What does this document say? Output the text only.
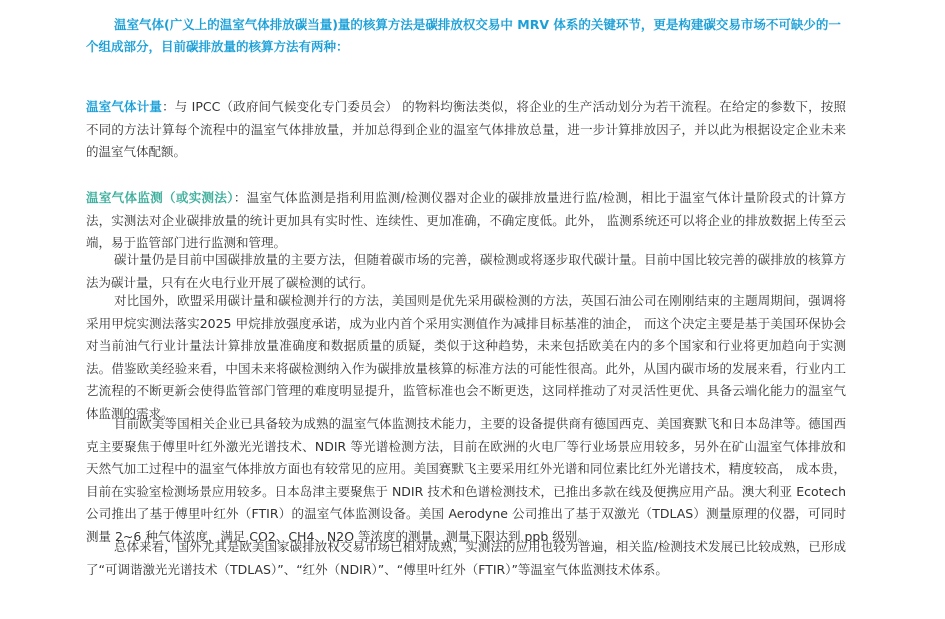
温室气体(广义上的温室气体排放碳当量)量的核算方法是碳排放权交易中 MRV 体系的关键环节，更是构建碳交易市场不可缺少的一个组成部分，目前碳排放量的核算方法有两种：

温室气体计量：与 IPCC（政府间气候变化专门委员会） 的物料均衡法类似，将企业的生产活动划分为若干流程。在给定的参数下，按照不同的方法计算每个流程中的温室气体排放量，并加总得到企业的温室气体排放总量，进一步计算排放因子，并以此为根据设定企业未来的温室气体配额。

温室气体监测（或实测法）：温室气体监测是指利用监测/检测仪器对企业的碳排放量进行监/检测，相比于温室气体计量阶段式的计算方法，实测法对企业碳排放量的统计更加具有实时性、连续性、更加准确，不确定度低。此外， 监测系统还可以将企业的排放数据上传至云端，易于监管部门进行监测和管理。

碳计量仍是目前中国碳排放量的主要方法，但随着碳市场的完善，碳检测或将逐步取代碳计量。目前中国比较完善的碳排放的核算方法为碳计量，只有在火电行业开展了碳检测的试行。

对比国外，欧盟采用碳计量和碳检测并行的方法，美国则是优先采用碳检测的方法，英国石油公司在刚刚结束的主题周期间，强调将采用甲烷实测法落实2025 甲烷排放强度承诺，成为业内首个采用实测值作为减排目标基准的油企， 而这个决定主要是基于美国环保协会对当前油气行业计量法计算排放量准确度和数据质量的质疑，类似于这种趋势，未来包括欧美在内的多个国家和行业将更加趋向于实测法。借鉴欧美经验来看，中国未来将碳检测纳入作为碳排放量核算的标准方法的可能性很高。此外，从国内碳市场的发展来看，行业内工艺流程的不断更新会使得监管部门管理的难度明显提升，监管标准也会不断更迭，这同样推动了对灵活性更优、具备云端化能力的温室气体监测的需求。

目前欧美等国相关企业已具备较为成熟的温室气体监测技术能力，主要的设备提供商有德国西克、美国赛默飞和日本岛津等。德国西克主要聚焦于傅里叶红外激光光谱技术、NDIR 等光谱检测方法，目前在欧洲的火电厂等行业场景应用较多，另外在矿山温室气体排放和天然气加工过程中的温室气体排放方面也有较常见的应用。美国赛默飞主要采用红外光谱和同位素比红外光谱技术，精度较高， 成本贵，目前在实验室检测场景应用较多。日本岛津主要聚焦于 NDIR 技术和色谱检测技术，已推出多款在线及便携应用产品。澳大利亚 Ecotech 公司推出了基于傅里叶红外（FTIR）的温室气体监测设备。美国 Aerodyne 公司推出了基于双激光（TDLAS）测量原理的仪器，可同时测量 2~6 种气体浓度，满足 CO2、CH4、N2O 等浓度的测量，测量下限达到 ppb 级别。

总体来看，国外尤其是欧美国家碳排放权交易市场已相对成熟，实测法的应用也较为普遍，相关监/检测技术发展已比较成熟，已形成了“可调谐激光光谱技术（TDLAS）”、“红外（NDIR）”、“傅里叶红外（FTIR）”等温室气体监测技术体系。
